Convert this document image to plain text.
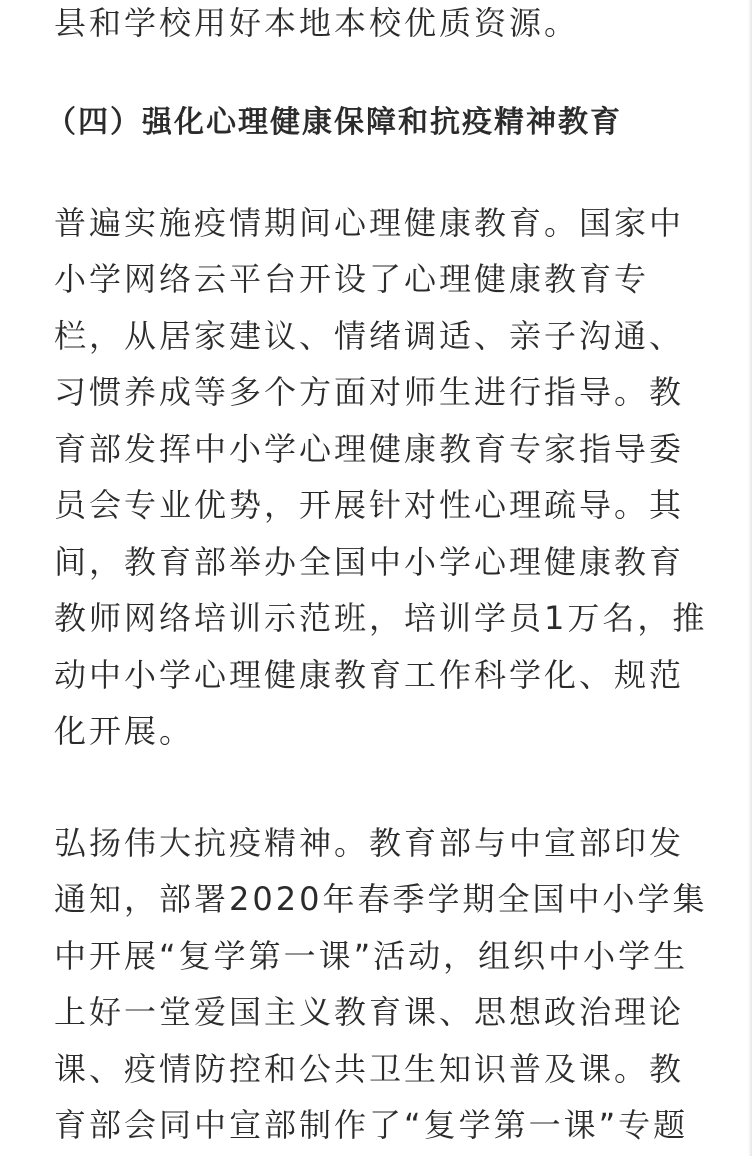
县和学校用好本地本校优质资源。
（四）强化心理健康保障和抗疫精神教育
普遍实施疫情期间心理健康教育。国家中
小学网络云平台开设了心理健康教育专
栏，从居家建议、情绪调适、亲子沟通、
习惯养成等多个方面对师生进行指导。教
育部发挥中小学心理健康教育专家指导委
员会专业优势，开展针对性心理疏导。其
间，教育部举办全国中小学心理健康教育
教师网络培训示范班，培训学员1万名，推
动中小学心理健康教育工作科学化、规范
化开展。
弘扬伟大抗疫精神。教育部与中宣部印发
通知，部署2020年春季学期全国中小学集
中开展“复学第一课”活动，组织中小学生
上好一堂爱国主义教育课、思想政治理论
课、疫情防控和公共卫生知识普及课。教
育部会同中宣部制作了“复学第一课”专题
